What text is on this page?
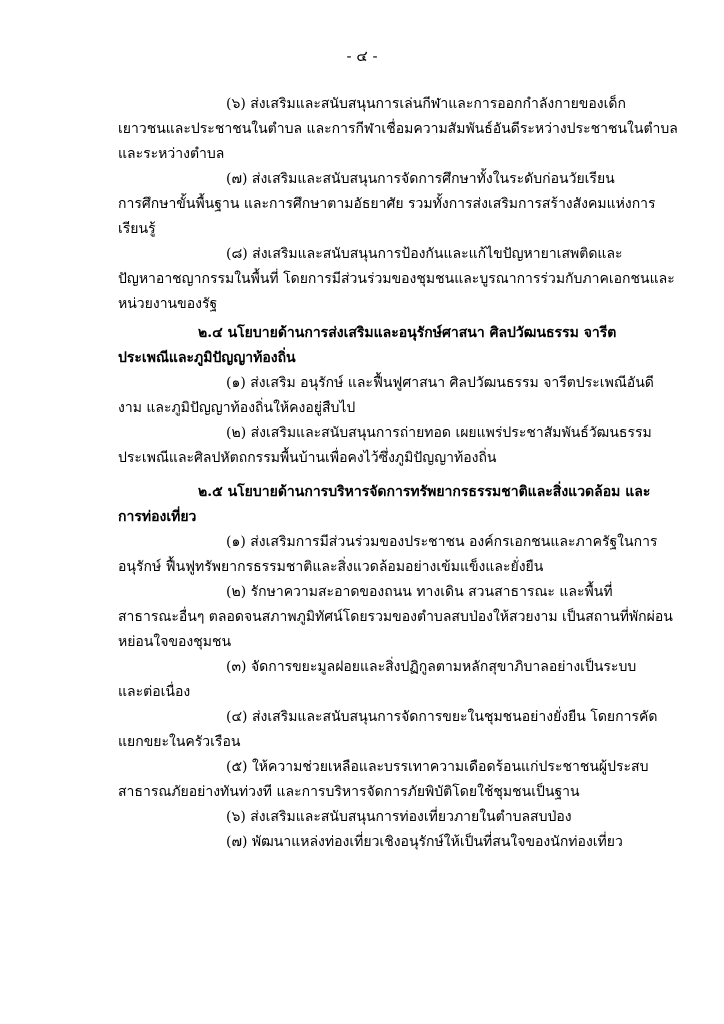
- ๔ -
(๖) ส่งเสริมและสนับสนุนการเล่นกีฬาและการออกกำลังกายของเด็ก
เยาวชนและประชาชนในตำบล และการกีฬาเชื่อมความสัมพันธ์อันดีระหว่างประชาชนในตำบล
และระหว่างตำบล
(๗) ส่งเสริมและสนับสนุนการจัดการศึกษาทั้งในระดับก่อนวัยเรียน
การศึกษาขั้นพื้นฐาน และการศึกษาตามอัธยาศัย รวมทั้งการส่งเสริมการสร้างสังคมแห่งการ
เรียนรู้
(๘) ส่งเสริมและสนับสนุนการป้องกันและแก้ไขปัญหายาเสพติดและ
ปัญหาอาชญากรรมในพื้นที่ โดยการมีส่วนร่วมของชุมชนและบูรณาการร่วมกับภาคเอกชนและ
หน่วยงานของรัฐ
๒.๔ นโยบายด้านการส่งเสริมและอนุรักษ์ศาสนา ศิลปวัฒนธรรม จารีต
ประเพณีและภูมิปัญญาท้องถิ่น
(๑) ส่งเสริม อนุรักษ์ และฟื้นฟูศาสนา ศิลปวัฒนธรรม จารีตประเพณีอันดี
งาม และภูมิปัญญาท้องถิ่นให้คงอยู่สืบไป
(๒) ส่งเสริมและสนับสนุนการถ่ายทอด เผยแพร่ประชาสัมพันธ์วัฒนธรรม
ประเพณีและศิลปหัตถกรรมพื้นบ้านเพื่อคงไว้ซึ่งภูมิปัญญาท้องถิ่น
๒.๕ นโยบายด้านการบริหารจัดการทรัพยากรธรรมชาติและสิ่งแวดล้อม และ
การท่องเที่ยว
(๑) ส่งเสริมการมีส่วนร่วมของประชาชน องค์กรเอกชนและภาครัฐในการ
อนุรักษ์ ฟื้นฟูทรัพยากรธรรมชาติและสิ่งแวดล้อมอย่างเข้มแข็งและยั่งยืน
(๒) รักษาความสะอาดของถนน ทางเดิน สวนสาธารณะ และพื้นที่
สาธารณะอื่นๆ ตลอดจนสภาพภูมิทัศน์โดยรวมของตำบลสบป่องให้สวยงาม เป็นสถานที่พักผ่อน
หย่อนใจของชุมชน
(๓) จัดการขยะมูลฝอยและสิ่งปฏิกูลตามหลักสุขาภิบาลอย่างเป็นระบบ
และต่อเนื่อง
(๔) ส่งเสริมและสนับสนุนการจัดการขยะในชุมชนอย่างยั่งยืน โดยการคัด
แยกขยะในครัวเรือน
(๕) ให้ความช่วยเหลือและบรรเทาความเดือดร้อนแก่ประชาชนผู้ประสบ
สาธารณภัยอย่างทันท่วงที และการบริหารจัดการภัยพิบัติโดยใช้ชุมชนเป็นฐาน
(๖) ส่งเสริมและสนับสนุนการท่องเที่ยวภายในตำบลสบป่อง
(๗) พัฒนาแหล่งท่องเที่ยวเชิงอนุรักษ์ให้เป็นที่สนใจของนักท่องเที่ยว
